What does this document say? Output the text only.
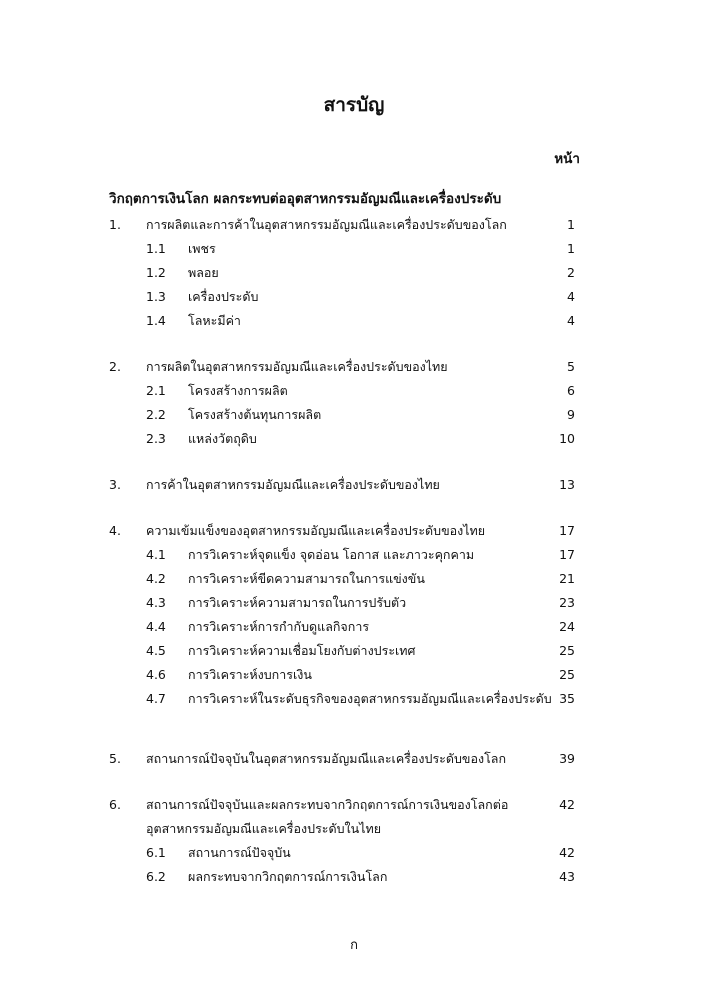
สารบัญ
หน้า
วิกฤตการเงินโลก ผลกระทบต่ออุตสาหกรรมอัญมณีและเครื่องประดับ
1. การผลิตและการค้าในอุตสาหกรรมอัญมณีและเครื่องประดับของโลก	1
1.1 เพชร	1
1.2 พลอย	2
1.3 เครื่องประดับ	4
1.4 โลหะมีค่า	4
2. การผลิตในอุตสาหกรรมอัญมณีและเครื่องประดับของไทย	5
2.1 โครงสร้างการผลิต	6
2.2 โครงสร้างต้นทุนการผลิต	9
2.3 แหล่งวัตถุดิบ	10
3. การค้าในอุตสาหกรรมอัญมณีและเครื่องประดับของไทย	13
4. ความเข้มแข็งของอุตสาหกรรมอัญมณีและเครื่องประดับของไทย	17
4.1 การวิเคราะห์จุดแข็ง จุดอ่อน โอกาส และภาวะคุกคาม	17
4.2 การวิเคราะห์ขีดความสามารถในการแข่งขัน	21
4.3 การวิเคราะห์ความสามารถในการปรับตัว	23
4.4 การวิเคราะห์การกำกับดูแลกิจการ	24
4.5 การวิเคราะห์ความเชื่อมโยงกับต่างประเทศ	25
4.6 การวิเคราะห์งบการเงิน	25
4.7 การวิเคราะห์ในระดับธุรกิจของอุตสาหกรรมอัญมณีและเครื่องประดับ 35
5. สถานการณ์ปัจจุบันในอุตสาหกรรมอัญมณีและเครื่องประดับของโลก	39
6. สถานการณ์ปัจจุบันและผลกระทบจากวิกฤตการณ์การเงินของโลกต่อ	42
อุตสาหกรรมอัญมณีและเครื่องประดับในไทย
6.1 สถานการณ์ปัจจุบัน	42
6.2 ผลกระทบจากวิกฤตการณ์การเงินโลก	43
ก
